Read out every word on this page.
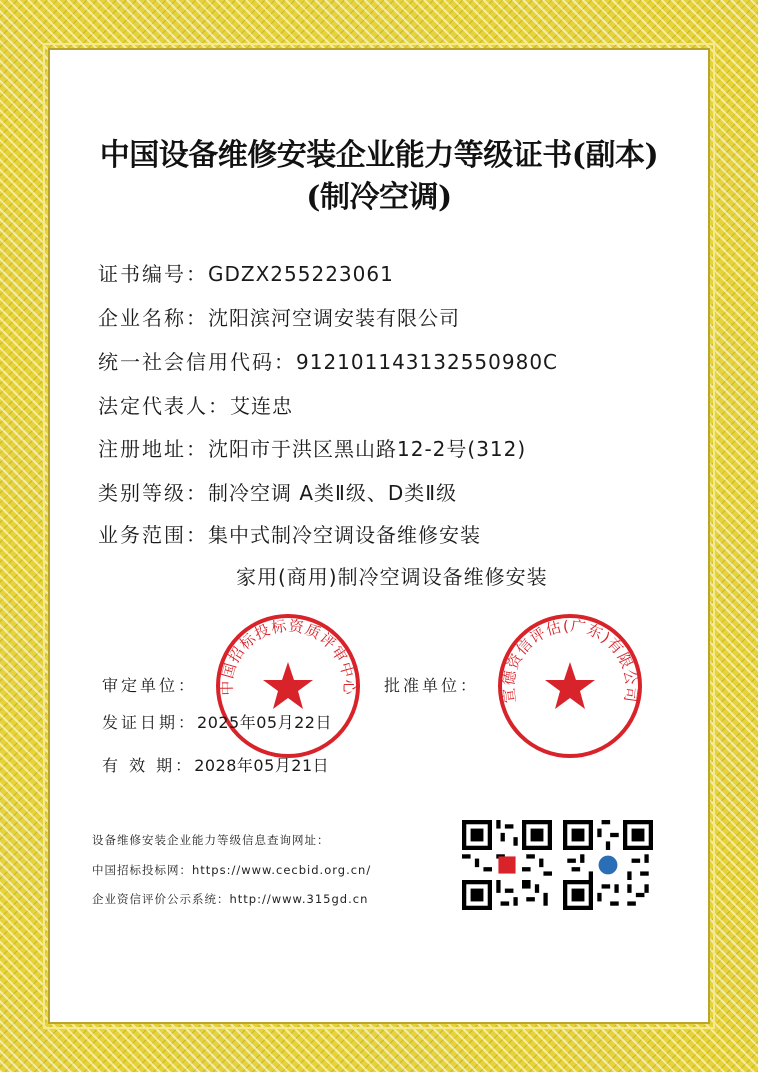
中国设备维修安装企业能力等级证书(副本)
(制冷空调)
证书编号：GDZX255223061
企业名称：沈阳滨河空调安装有限公司
统一社会信用代码：912101143132550980C
法定代表人：艾连忠
注册地址：沈阳市于洪区黑山路12-2号(312)
类别等级：制冷空调 A类Ⅱ级、D类Ⅱ级
业务范围：集中式制冷空调设备维修安装
家用(商用)制冷空调设备维修安装
中国招标投标资质评审中心	宣德资信评估(广东)有限公司
审定单位：	批准单位：
发证日期：2025年05月22日
有 效 期：2028年05月21日
设备维修安装企业能力等级信息查询网址：
中国招标投标网：https://www.cecbid.org.cn/
企业资信评价公示系统：http://www.315gd.cn
